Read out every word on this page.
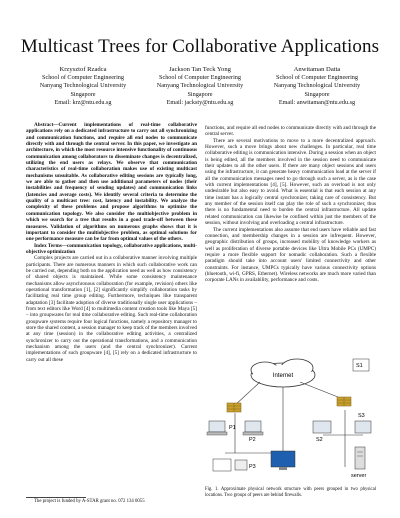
Multicast Trees for Collaborative Applications
Krzysztof Rzadca
School of Computer Engineering
Nanyang Technological University
Singapore
Email: krz@ntu.edu.sg
Jackson Tan Teck Yong
School of Computer Engineering
Nanyang Technological University
Singapore
Email: jacksty@ntu.edu.sg
Anwitaman Datta
School of Computer Engineering
Nanyang Technological University
Singapore
Email: anwitaman@ntu.edu.sg

Abstract—Current implementations of real-time collaborative applications rely on a dedicated infrastructure to carry out all synchronizing and communication functions, and require all end nodes to communicate directly with and through the central server. In this paper, we investigate an architecture, in which the most resource intensive functionality of continuous communication among collaborators to disseminate changes is decentralized, utilizing the end users as relays. We observe that communication characteristics of real-time collaboration makes use of existing multicast mechanisms unsuitable. As collaborative editing sessions are typically long, we are able to gather and then use additional parameters of nodes (their instabilities and frequency of sending updates) and communication links (latencies and average costs). We identify several criteria to determine the quality of a multicast tree: cost, latency and instability. We analyze the complexity of these problems and propose algorithms to optimize the communication topology. We also consider the multiobjective problem in which we search for a tree that results in a good trade-off between these measures. Validation of algorithms on numerous graphs shows that it is important to consider the multiobjective problem, as optimal solutions for one performance measure can be far from optimal values of the others.

Index Terms—communication topology, collaborative applications, multi-objective optimization

Complex projects are carried out in a collaborative manner involving multiple participants. There are numerous manners in which such collaborative work can be carried out, depending both on the application need as well as how consistency of shared objects is maintained. While some consistency maintenance mechanisms allow asynchronous collaboration (for example, revision) others like operational transformation [1], [2] significantly simplify collaboration tasks by facilitating real time group editing. Furthermore, techniques like transparent adaptation [3] facilitate adoption of diverse traditionally single user applications – from text editors like Word [4] to multimedia content creation tools like Maya [5] – into groupwares for real time collaborative editing. Such real-time collaboration groupware systems require four logical functions, namely a repository manager to store the shared content, a session manager to keep track of the members involved at any time (session) in the collaborative editing activities, a centralized synchronizer to carry out the operational transformations, and a communication mechanism among the users (and the central synchronizer). Current implementations of such groupware [4], [5] rely on a dedicated infrastructure to carry out all these

functions, and require all end nodes to communicate directly with and through the central server.

There are several motivations to move to a more decentralized approach. However, such a move brings about new challenges. In particular, real time collaborative editing is communication intensive. During a session when an object is being edited, all the members involved in the session need to communicate their updates to all the other users. If there are many object sessions and users using the infrastructure, it can generate heavy communication load at the server if all the communication messages need to go through such a server, as is the case with current implementations [4], [5]. However, such an overload is not only undesirable but also easy to avoid. What is essential is that each session at any time instant has a logically central synchronizer, taking care of consistency. But any member of the session itself can play the role of such a synchronizer, thus there is no fundamental need to burden the central infrastructure. All update related communication can likewise be confined within just the members of the session, without involving and overloading a central infrastructure.

The current implementations also assume that end users have reliable and fast connection, and membership changes in a session are infrequent. However, geographic distribution of groups, increased mobility of knowledge workers as well as proliferation of diverse portable devices like Ultra Mobile PCs (UMPC) require a more flexible support for nomadic collaboration. Such a flexible paradigm should take into account users' limited connectivity and other constraints. For instance, UMPCs typically have various connectivity options (bluetooth, wi-fi, GPRS, Ethernet). Wireless networks are much more varied than corporate LANs in availability, performance and costs.

Internet
P1
P2
P3
S1
S2
S3
server
Fig. 1. Approximate physical network structure with peers grouped in two physical locations. Two groups of peers are behind firewalls.
The project is funded by A-STAR grant no. 072 134 0055
